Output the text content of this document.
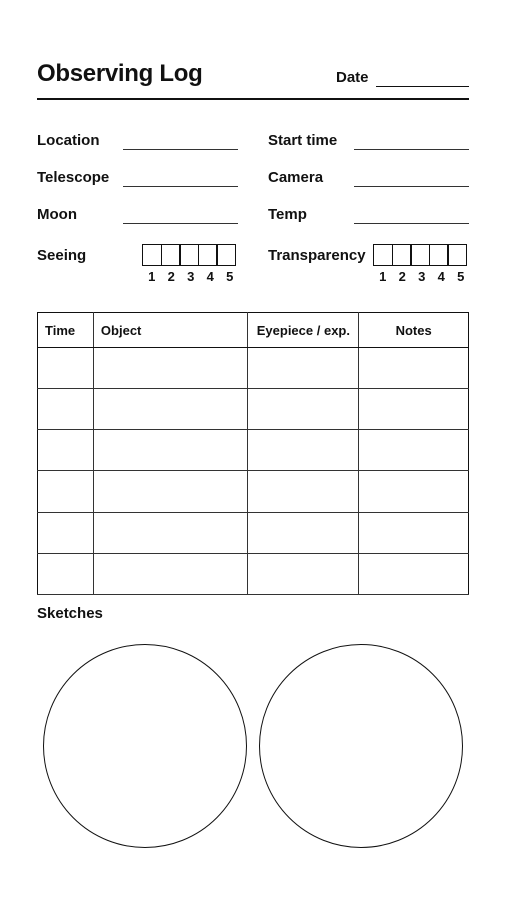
Observing Log	Date
Location
Telescope
Moon
Start time
Camera
Temp
Seeing
1 2 3 4 5
Transparency
1 2 3 4 5
Time	Object	Eyepiece / exp.	Notes

Sketches
